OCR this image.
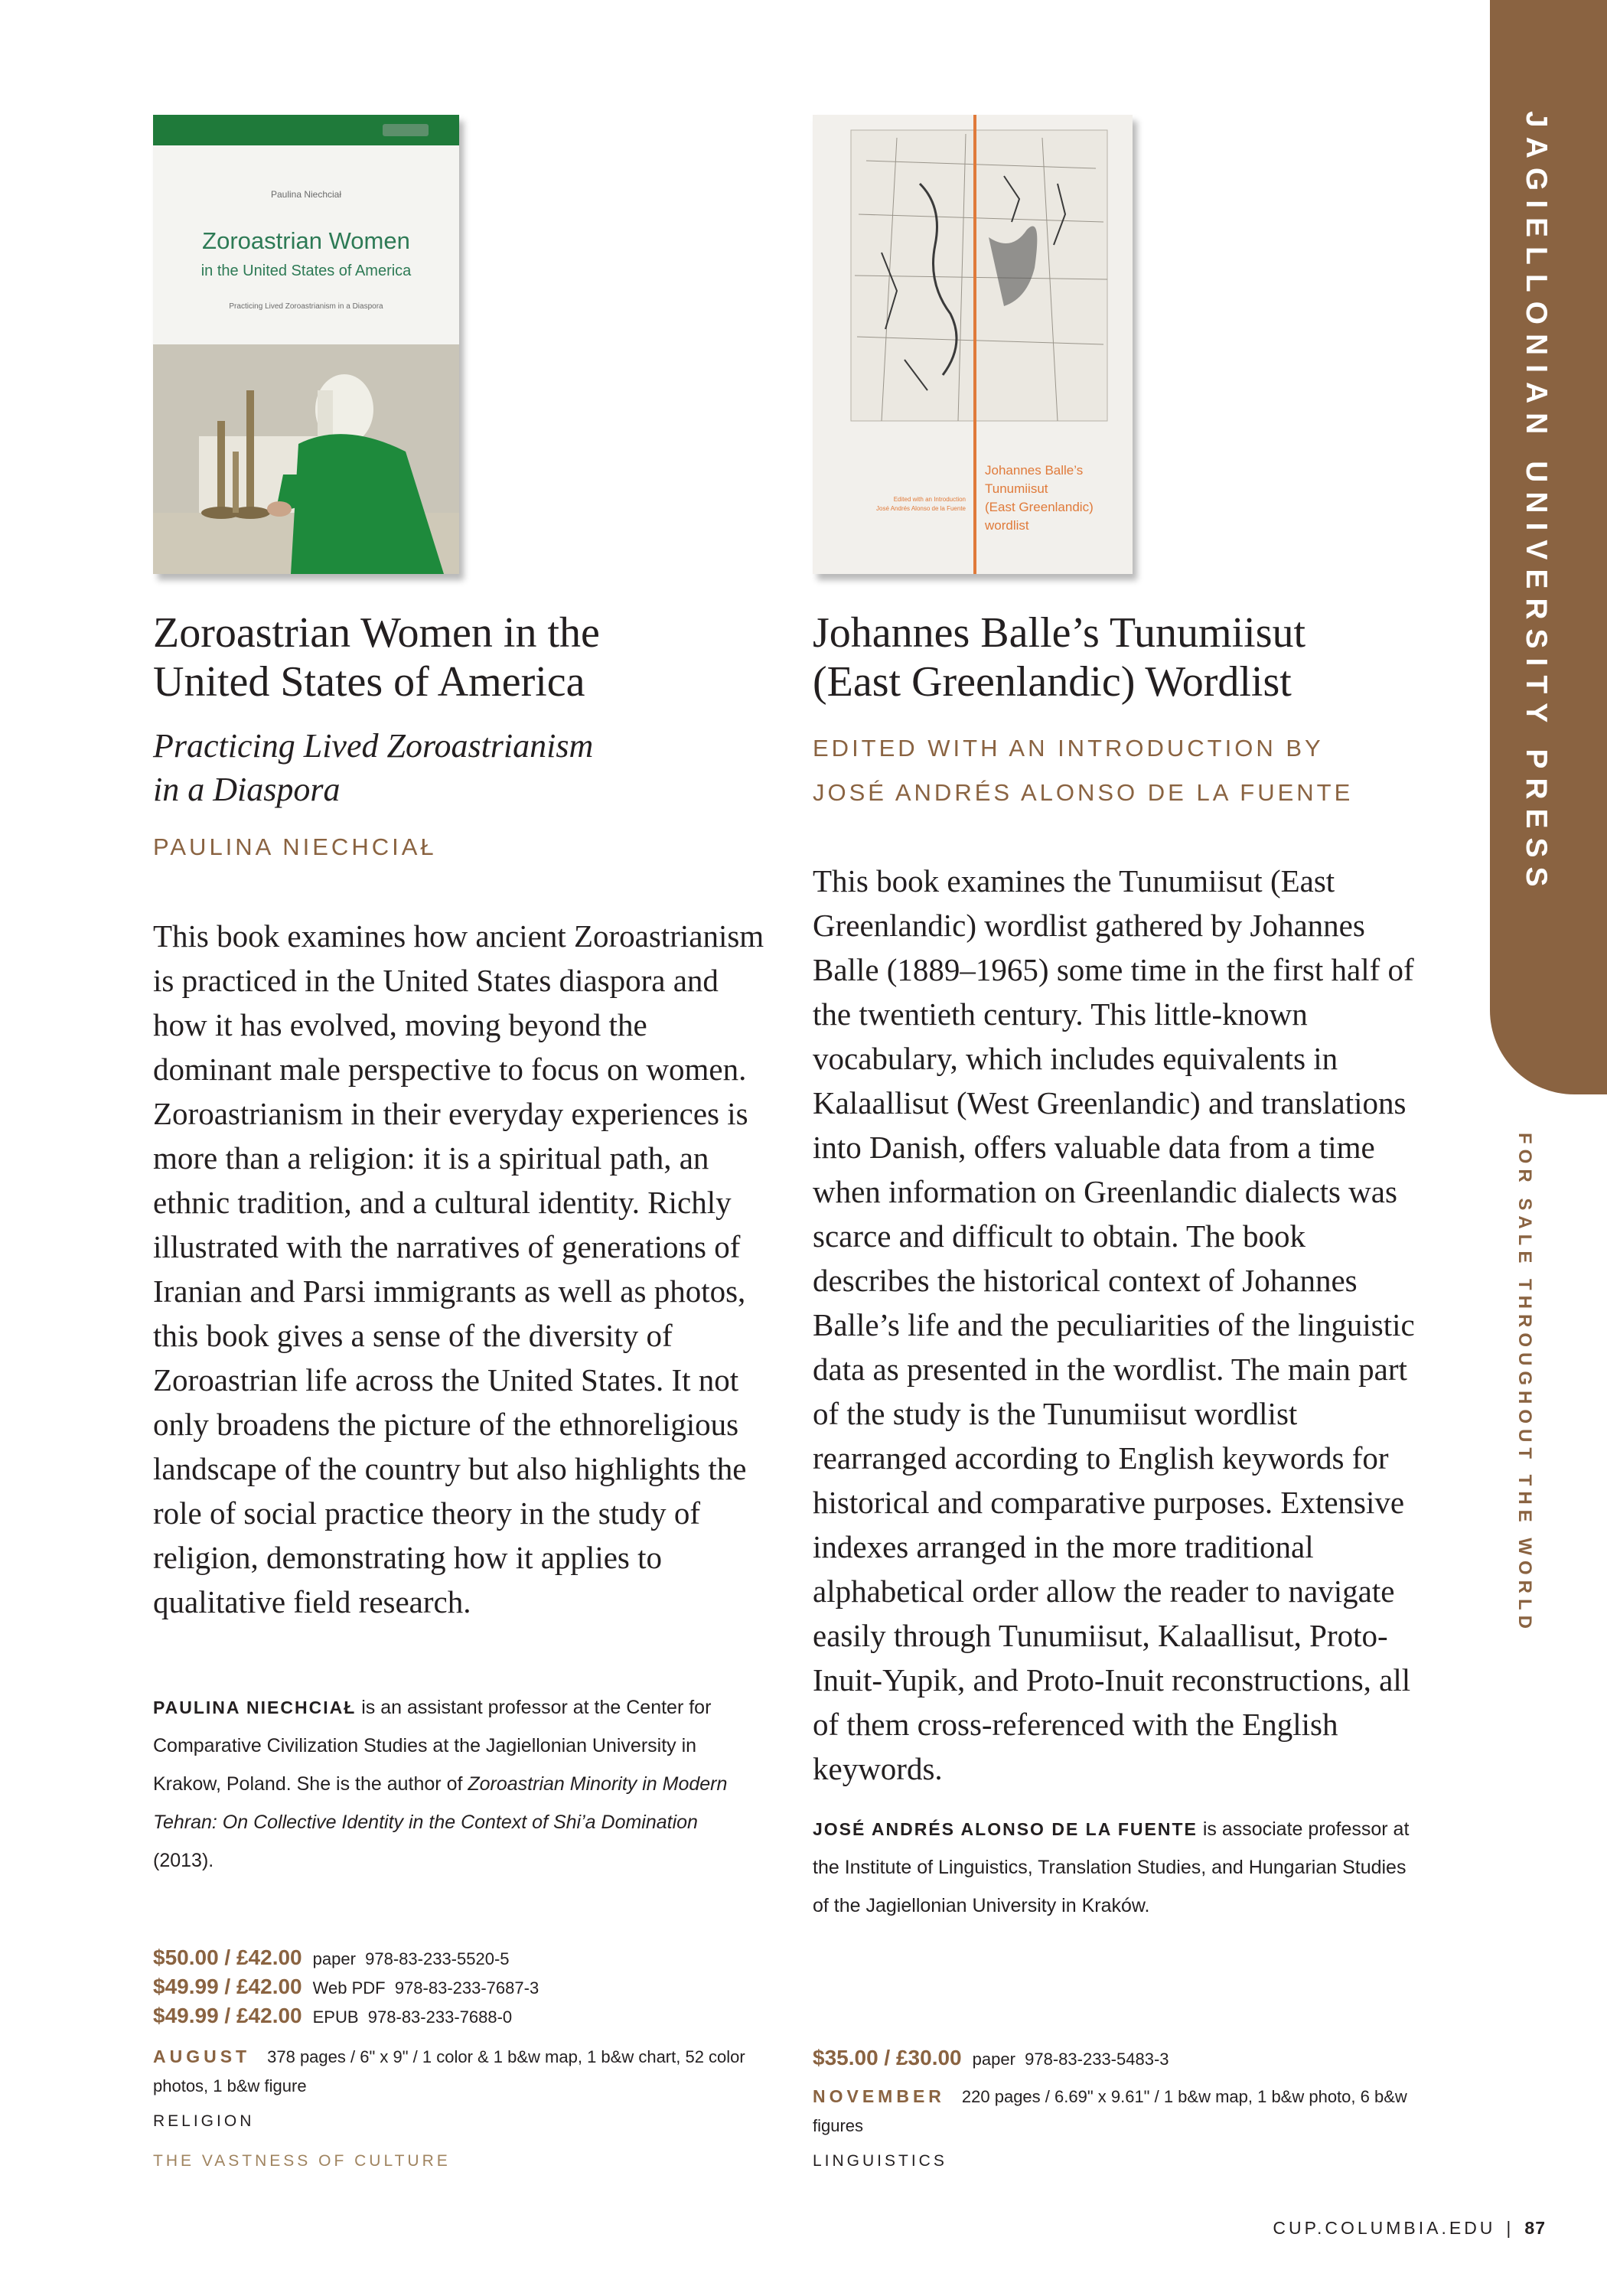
JAGIELLONIAN UNIVERSITY PRESS
FOR SALE THROUGHOUT THE WORLD
Paulina Niechciał
Zoroastrian Women
in the United States of America
Practicing Lived Zoroastrianism in a Diaspora
Zoroastrian Women in the
United States of America

Practicing Lived Zoroastrianism
in a Diaspora

PAULINA NIECHCIAŁ

This book examines how ancient Zoroastrianism is practiced in the United States diaspora and how it has evolved, moving beyond the dominant male perspective to focus on women. Zoroastrianism in their everyday experiences is more than a religion: it is a spiritual path, an ethnic tradition, and a cultural identity. Richly illustrated with the narratives of generations of Iranian and Parsi immigrants as well as photos, this book gives a sense of the diversity of Zoroastrian life across the United States. It not only broadens the picture of the ethnoreligious landscape of the country but also highlights the role of social practice theory in the study of religion, demonstrating how it applies to qualitative field research.

PAULINA NIECHCIAŁ is an assistant professor at the Center for Comparative Civilization Studies at the Jagiellonian University in Krakow, Poland. She is the author of Zoroastrian Minority in Modern Tehran: On Collective Identity in the Context of Shi’a Domination (2013).

$50.00 / £42.00 paper 978-83-233-5520-5

$49.99 / £42.00 Web PDF 978-83-233-7687-3

$49.99 / £42.00 EPUB 978-83-233-7688-0

AUGUST 378 pages / 6" x 9" / 1 color & 1 b&w map, 1 b&w chart, 52 color photos, 1 b&w figure

RELIGION

THE VASTNESS OF CULTURE

Johannes Balle’s
Tunumiisut
(East Greenlandic)
wordlist
Edited with an Introduction
José Andrés Alonso de la Fuente
Johannes Balle’s Tunumiisut
(East Greenlandic) Wordlist

EDITED WITH AN INTRODUCTION BY
JOSÉ ANDRÉS ALONSO DE LA FUENTE

This book examines the Tunumiisut (East Greenlandic) wordlist gathered by Johannes Balle (1889–1965) some time in the first half of the twentieth century. This little-known vocabulary, which includes equivalents in Kalaallisut (West Greenlandic) and translations into Danish, offers valuable data from a time when information on Greenlandic dialects was scarce and difficult to obtain. The book describes the historical context of Johannes Balle’s life and the peculiarities of the linguistic data as presented in the wordlist. The main part of the study is the Tunumiisut wordlist rearranged according to English keywords for historical and comparative purposes. Extensive indexes arranged in the more traditional alphabetical order allow the reader to navigate easily through Tunumiisut, Kalaallisut, Proto-Inuit-Yupik, and Proto-Inuit reconstructions, all of them cross-referenced with the English keywords.

JOSÉ ANDRÉS ALONSO DE LA FUENTE is associate professor at the Institute of Linguistics, Translation Studies, and Hungarian Studies of the Jagiellonian University in Kraków.

$35.00 / £30.00 paper 978-83-233-5483-3

NOVEMBER 220 pages / 6.69" x 9.61" / 1 b&w map, 1 b&w photo, 6 b&w figures

LINGUISTICS

CUP.COLUMBIA.EDU | 87
